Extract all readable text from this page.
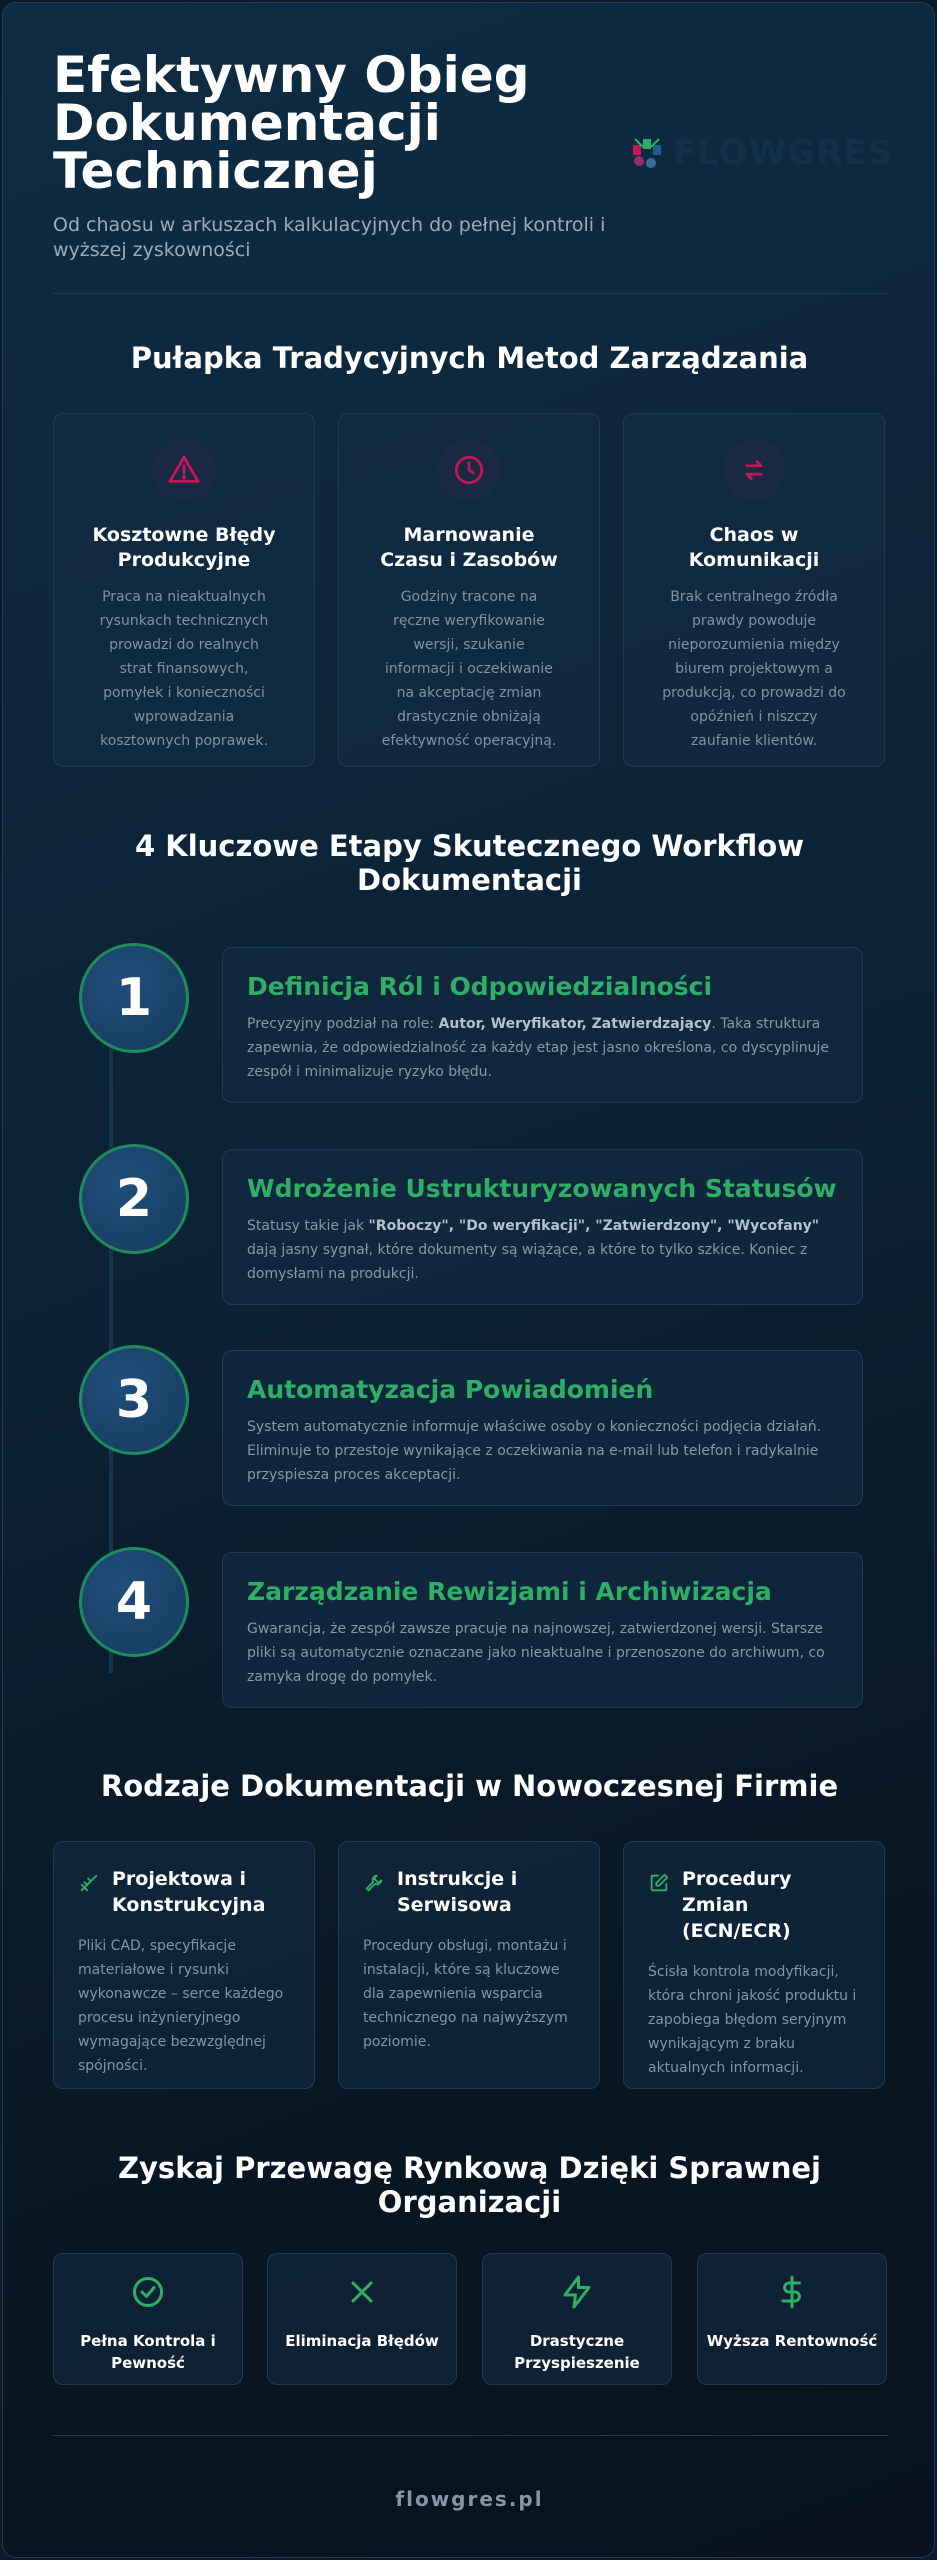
Efektywny Obieg Dokumentacji Technicznej

Od chaosu w arkuszach kalkulacyjnych do pełnej kontroli i wyższej zyskowności

FLOWGRES
Pułapka Tradycyjnych Metod Zarządzania
Kosztowne Błędy Produkcyjne

Praca na nieaktualnych rysunkach technicznych prowadzi do realnych strat finansowych, pomyłek i konieczności wprowadzania kosztownych poprawek.

Marnowanie Czasu i Zasobów

Godziny tracone na ręczne weryfikowanie wersji, szukanie informacji i oczekiwanie na akceptację zmian drastycznie obniżają efektywność operacyjną.

Chaos w Komunikacji

Brak centralnego źródła prawdy powoduje nieporozumienia między biurem projektowym a produkcją, co prowadzi do opóźnień i niszczy zaufanie klientów.

4 Kluczowe Etapy Skutecznego Workflow Dokumentacji
1	Definicja Ról i Odpowiedzialności

Precyzyjny podział na role: Autor, Weryfikator, Zatwierdzający. Taka struktura zapewnia, że odpowiedzialność za każdy etap jest jasno określona, co dyscyplinuje zespół i minimalizuje ryzyko błędu.

2	Wdrożenie Ustrukturyzowanych Statusów

Statusy takie jak "Roboczy", "Do weryfikacji", "Zatwierdzony", "Wycofany" dają jasny sygnał, które dokumenty są wiążące, a które to tylko szkice. Koniec z domysłami na produkcji.

3	Automatyzacja Powiadomień

System automatycznie informuje właściwe osoby o konieczności podjęcia działań. Eliminuje to przestoje wynikające z oczekiwania na e-mail lub telefon i radykalnie przyspiesza proces akceptacji.

4	Zarządzanie Rewizjami i Archiwizacja

Gwarancja, że zespół zawsze pracuje na najnowszej, zatwierdzonej wersji. Starsze pliki są automatycznie oznaczane jako nieaktualne i przenoszone do archiwum, co zamyka drogę do pomyłek.

Rodzaje Dokumentacji w Nowoczesnej Firmie
Projektowa i Konstrukcyjna

Pliki CAD, specyfikacje materiałowe i rysunki wykonawcze – serce każdego procesu inżynieryjnego wymagające bezwzględnej spójności.

Instrukcje i Serwisowa

Procedury obsługi, montażu i instalacji, które są kluczowe dla zapewnienia wsparcia technicznego na najwyższym poziomie.

Procedury Zmian (ECN/ECR)

Ścisła kontrola modyfikacji, która chroni jakość produktu i zapobiega błędom seryjnym wynikającym z braku aktualnych informacji.

Zyskaj Przewagę Rynkową Dzięki Sprawnej Organizacji
Pełna Kontrola i Pewność
Eliminacja Błędów	Drastyczne Przyspieszenie
Wyższa Rentowność
flowgres.pl
